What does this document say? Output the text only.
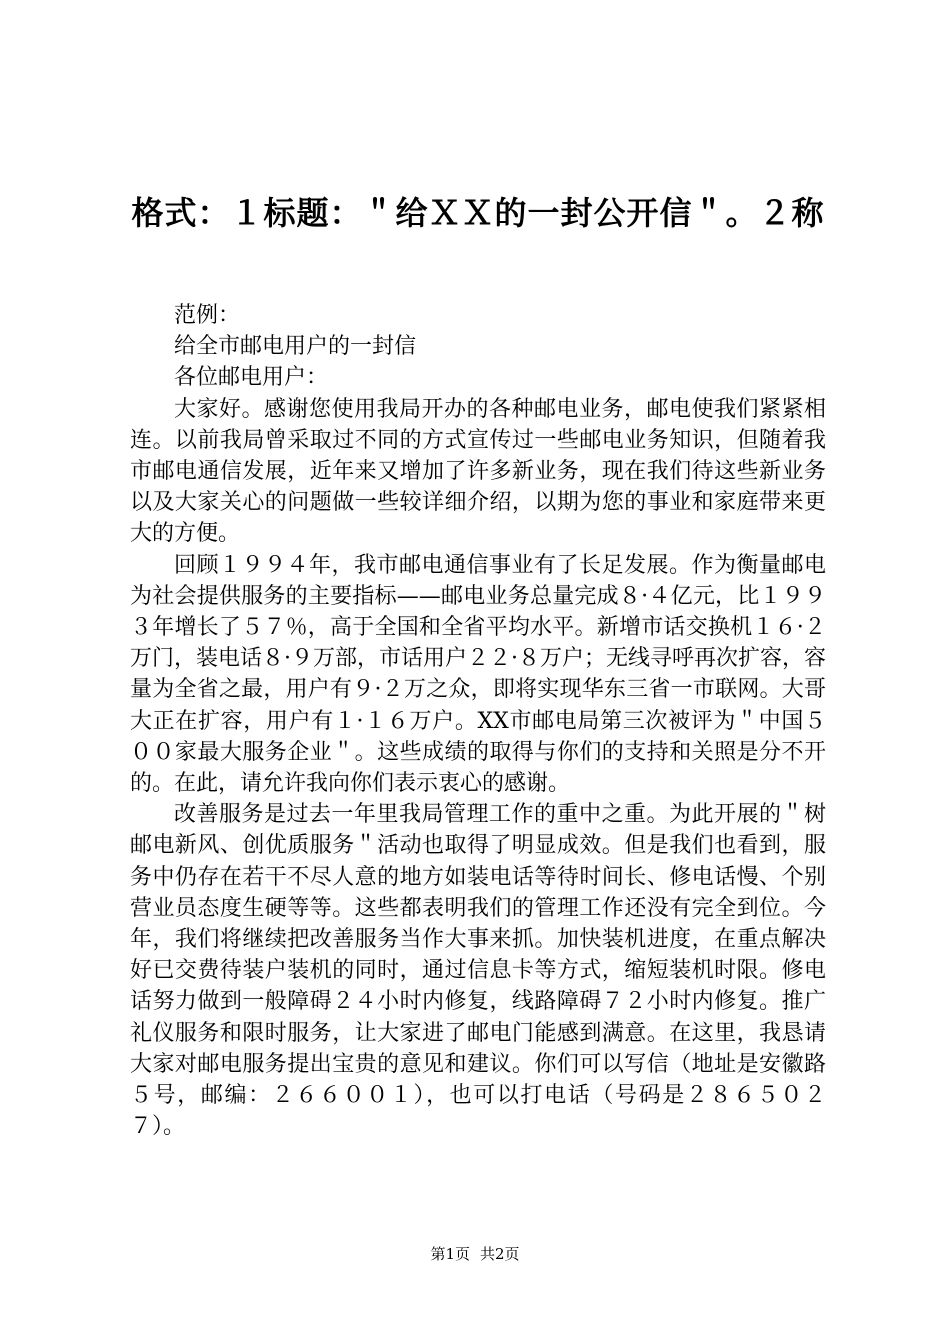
格式：１标题：＂给ＸＸ的一封公开信＂。２称

范例：

给全市邮电用户的一封信

各位邮电用户：

大家好。感谢您使用我局开办的各种邮电业务，邮电使我们紧紧相连。以前我局曾采取过不同的方式宣传过一些邮电业务知识，但随着我市邮电通信发展，近年来又增加了许多新业务，现在我们待这些新业务以及大家关心的问题做一些较详细介绍，以期为您的事业和家庭带来更大的方便。

回顾１９９４年，我市邮电通信事业有了长足发展。作为衡量邮电为社会提供服务的主要指标——邮电业务总量完成８·４亿元，比１９９３年增长了５７％，高于全国和全省平均水平。新增市话交换机１６·２万门，装电话８·９万部，市话用户２２·８万户；无线寻呼再次扩容，容量为全省之最，用户有９·２万之众，即将实现华东三省一市联网。大哥大正在扩容，用户有１·１６万户。XX市邮电局第三次被评为＂中国５００家最大服务企业＂。这些成绩的取得与你们的支持和关照是分不开的。在此，请允许我向你们表示衷心的感谢。

改善服务是过去一年里我局管理工作的重中之重。为此开展的＂树邮电新风、创优质服务＂活动也取得了明显成效。但是我们也看到，服务中仍存在若干不尽人意的地方如装电话等待时间长、修电话慢、个别营业员态度生硬等等。这些都表明我们的管理工作还没有完全到位。今年，我们将继续把改善服务当作大事来抓。加快装机进度，在重点解决好已交费待装户装机的同时，通过信息卡等方式，缩短装机时限。修电话努力做到一般障碍２４小时内修复，线路障碍７２小时内修复。推广礼仪服务和限时服务，让大家进了邮电门能感到满意。在这里，我恳请大家对邮电服务提出宝贵的意见和建议。你们可以写信（地址是安徽路５号，邮编：２６６００１），也可以打电话（号码是２８６５０２７）。

第1页 共2页
